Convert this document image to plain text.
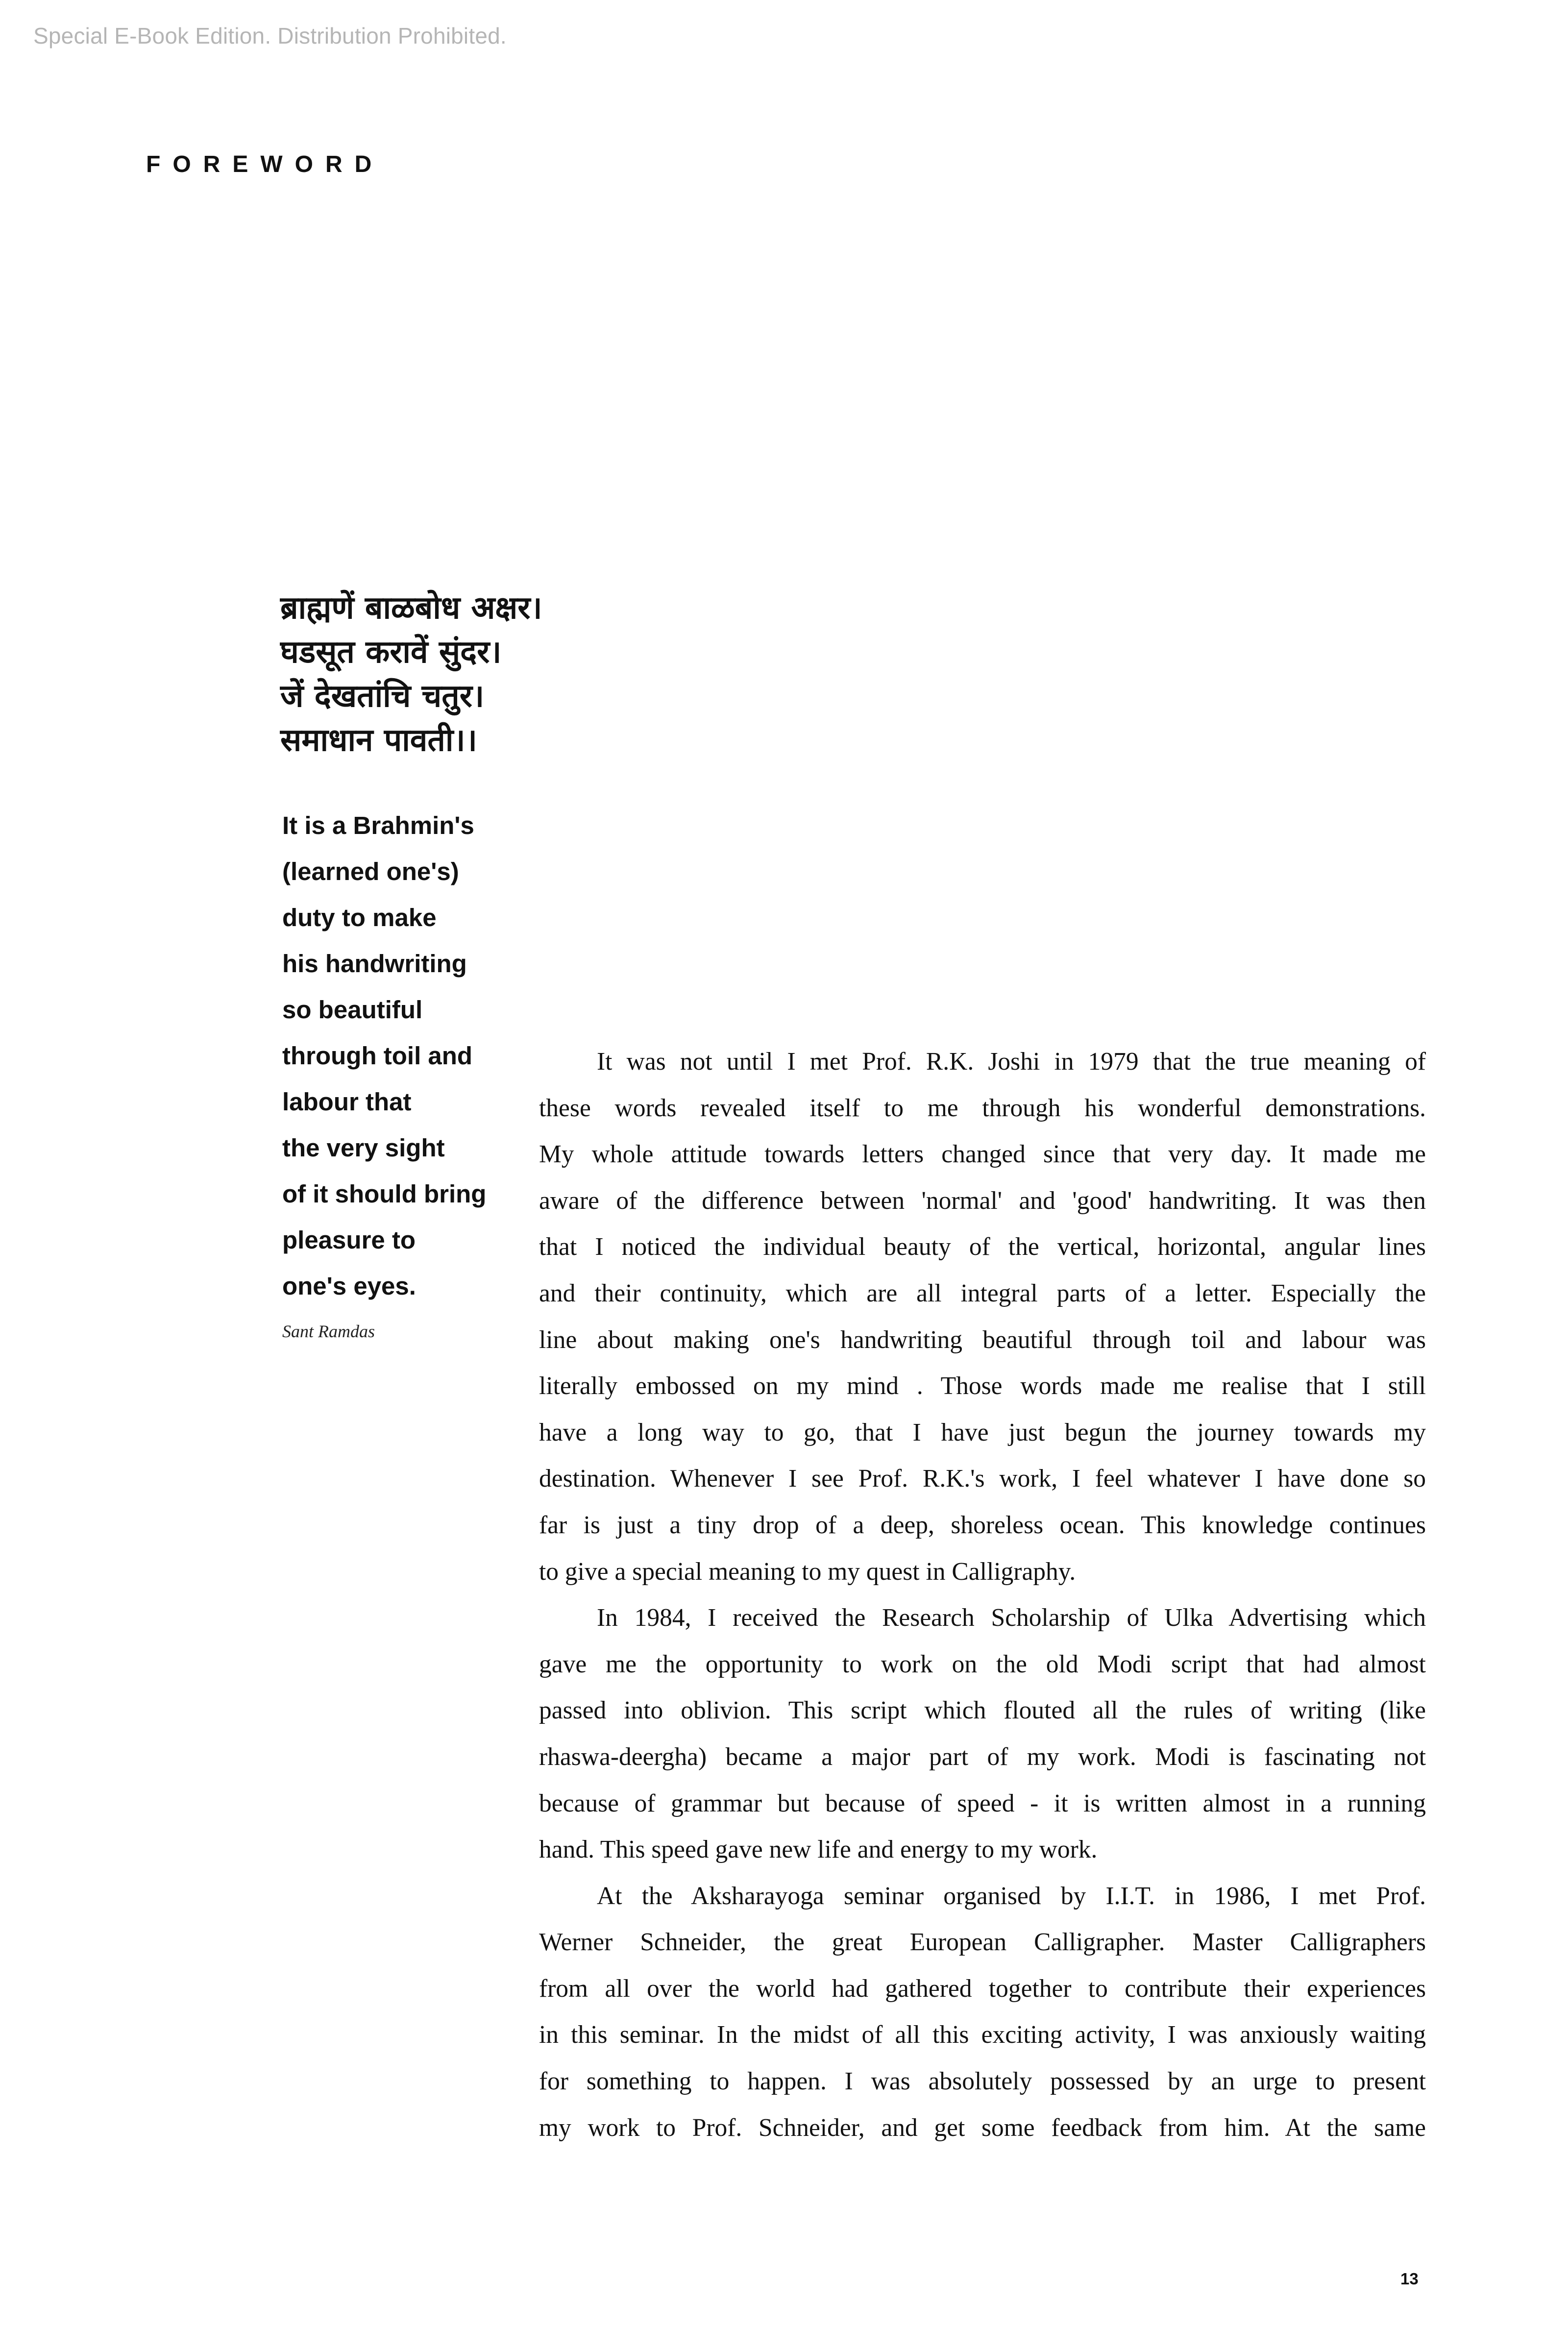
Special E-Book Edition. Distribution Prohibited.
FOREWORD
ब्राह्मणें बाळबोध अक्षर।
घडसूत करावें सुंदर।
जें देखतांचि चतुर।
समाधान पावती।।
It is a Brahmin's
(learned one's)
duty to make
his handwriting
so beautiful
through toil and
labour that
the very sight
of it should bring
pleasure to
one's eyes.
Sant Ramdas
It was not until I met Prof. R.K. Joshi in 1979 that the true meaning of
these words revealed itself to me through his wonderful demonstrations.
My whole attitude towards letters changed since that very day. It made me
aware of the difference between 'normal' and 'good' handwriting. It was then
that I noticed the individual beauty of the vertical, horizontal, angular lines
and their continuity, which are all integral parts of a letter. Especially the
line about making one's handwriting beautiful through toil and labour was
literally embossed on my mind . Those words made me realise that I still
have a long way to go, that I have just begun the journey towards my
destination. Whenever I see Prof. R.K.'s work, I feel whatever I have done so
far is just a tiny drop of a deep, shoreless ocean. This knowledge continues
to give a special meaning to my quest in Calligraphy.
In 1984, I received the Research Scholarship of Ulka Advertising which
gave me the opportunity to work on the old Modi script that had almost
passed into oblivion. This script which flouted all the rules of writing (like
rhaswa-deergha) became a major part of my work. Modi is fascinating not
because of grammar but because of speed - it is written almost in a running
hand. This speed gave new life and energy to my work.
At the Aksharayoga seminar organised by I.I.T. in 1986, I met Prof.
Werner Schneider, the great European Calligrapher. Master Calligraphers
from all over the world had gathered together to contribute their experiences
in this seminar. In the midst of all this exciting activity, I was anxiously waiting
for something to happen. I was absolutely possessed by an urge to present
my work to Prof. Schneider, and get some feedback from him. At the same
13
